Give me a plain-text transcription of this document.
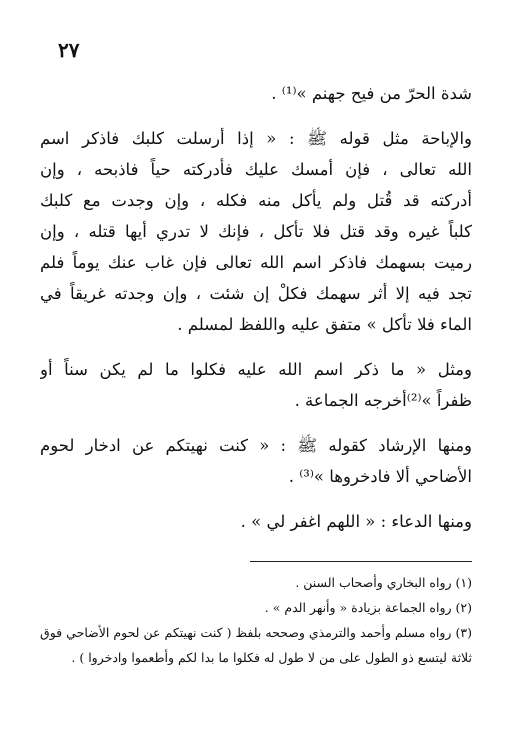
٢٧
شدة الحرّ من فيح جهنم »⁽¹⁾ .
والإباحة مثل قوله ﷺ : « إذا أرسلت كلبك فاذكر اسم
الله تعالى ، فإن أمسك عليك فأدركته حياً فاذبحه ، وإن
أدركته قد قُتل ولم يأكل منه فكله ، وإن وجدت مع كلبك
كلباً غيره وقد قتل فلا تأكل ، فإنك لا تدري أيها قتله ، وإن
رميت بسهمك فاذكر اسم الله تعالى فإن غاب عنك يوماً فلم
تجد فيه إلا أثر سهمك فكلْ إن شئت ، وإن وجدته غريقاً في
الماء فلا تأكل » متفق عليه واللفظ لمسلم .
ومثل « ما ذكر اسم الله عليه فكلوا ما لم يكن سناً أو
ظفراً »⁽²⁾أخرجه الجماعة .
ومنها الإرشاد كقوله ﷺ : « كنت نهيتكم عن ادخار لحوم
الأضاحي ألا فادخروها »⁽³⁾ .
ومنها الدعاء : « اللهم اغفر لي » .
(١) رواه البخاري وأصحاب السنن .
(٢) رواه الجماعة بزيادة « وأنهر الدم » .
(٣) رواه مسلم وأحمد والترمذي وصححه بلفظ ( كنت نهيتكم عن لحوم الأضاحي فوق
ثلاثة ليتسع ذو الطول على من لا طول له فكلوا ما بدا لكم وأطعموا وادخروا ) .
